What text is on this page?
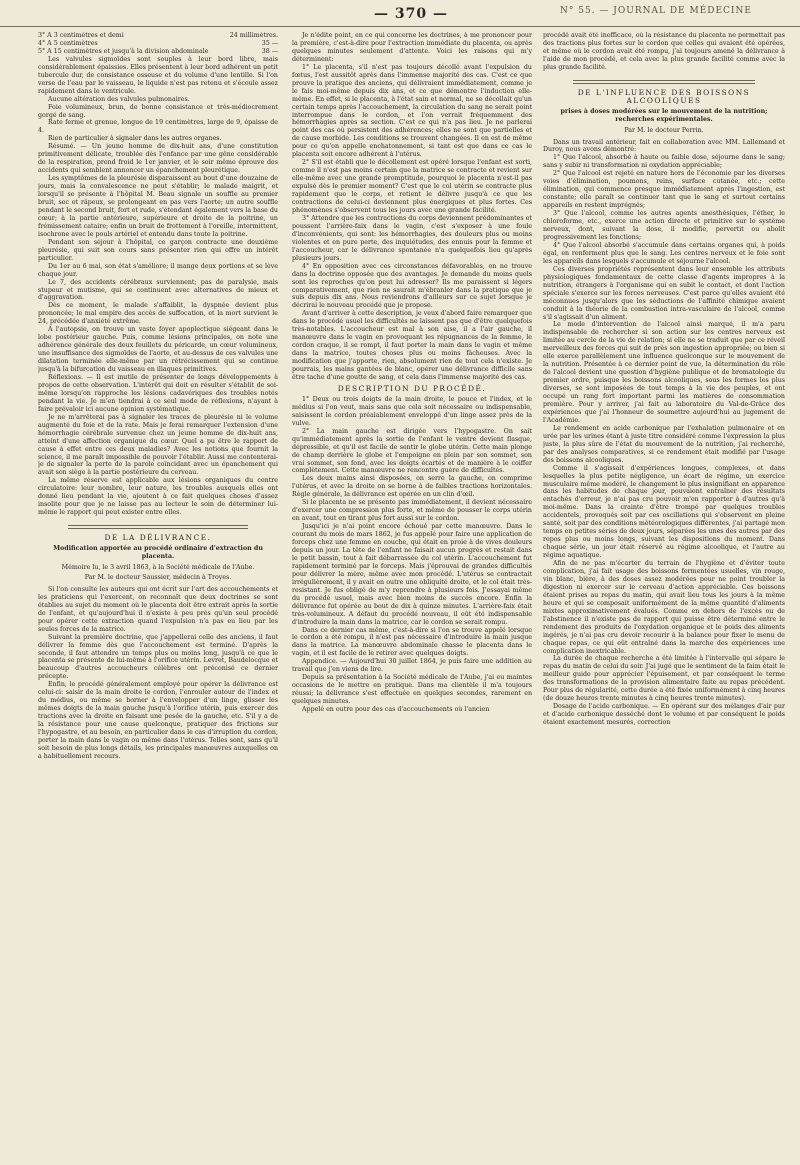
— 370 —	N° 55. — JOURNAL DE MÉDECINE

3° A 3 centimètres et demi	24 millimètres.

4° A 5 centimètres	35 —

5° A 15 centimètres et jusqu'à la division abdominale	38 —

Les valvules sigmoïdes sont souples à leur bord libre, mais considérablement épaissies. Elles présentent à leur bord adhérent un petit tubercule dur, de consistance osseuse et du volume d'une lentille. Si l'on verse de l'eau par le vaisseau, le liquide n'est pas retenu et s'écoule assez rapidement dans le ventricule.

Aucune altération des valvules pulmonaires.

Foie volumineux, brun, de bonne consistance et très-médiocrement gorgé de sang.

Rate ferme et grenue, longue de 19 centimètres, large de 9, épaisse de 4.

Rien de particulier à signaler dans les autres organes.

Résumé. — Un jeune homme de dix-huit ans, d'une constitution primitivement délicate, troublée dès l'enfance par une gêne considérable de la respiration, prend froid le 1er janvier, et le soir même éprouve des accidents qui semblent annoncer un épanchement pleurétique.

Les symptômes de la pleurésie disparaissent au bout d'une douzaine de jours, mais la convalescence ne peut s'établir; le malade maigrit, et lorsqu'il se présente à l'hôpital M. Beau signale un souffle au premier bruit, sec et râpeux, se prolongeant en pas vers l'aorte; un autre souffle pendant le second bruit, fort et rude, s'étendant également vers la base du cœur; à la partie antérieure, supérieure et droite de la poitrine, un frémissement cataire; enfin un bruit de frottement à l'oreille, intermittent, isochrone avec le pouls artériel et entendu dans toute la poitrine.

Pendant son séjour à l'hôpital, ce garçon contracte une deuxième pleurésie, qui suit son cours sans présenter rien qui offre un intérêt particulier.

Du 1er au 6 mai, son état s'améliore; il mange deux portions et se lève chaque jour.

Le 7, des accidents cérébraux surviennent; pas de paralysie, mais stupeur et mutisme, qui se continuent avec alternatives de mieux et d'aggravation.

Dès ce moment, le malade s'affaiblit, la dyspnée devient plus prononcée; le mal empire des accès de suffocation, et la mort survient le 24, précédée d'anxiété extrême.

A l'autopsie, on trouve un vaste foyer apoplectique siégeant dans le lobe postérieur gauche. Puis, comme lésions principales, on note une adhérence générale des deux feuillets du péricarde, un cœur volumineux, une insuffisance des sigmoïdes de l'aorte, et au-dessus de ces valvules une dilatation terminée elle-même par un rétrécissement qui se continue jusqu'à la bifurcation du vaisseau en iliaques primitives.

Réflexions. — Il est inutile de présenter de longs développements à propos de cette observation. L'intérêt qui doit en résulter s'établit de soi-même lorsqu'on rapproche les lésions cadavériques des troubles notés pendant la vie. Je m'en tiendrai à ce seul mode de réflexions, n'ayant à faire prévaloir ici aucune opinion systématique.

Je ne m'arrêterai pas à signaler les traces de pleurésie ni le volume augmenté du foie et de la rate. Mais je ferai remarquer l'extension d'une hémorrhagie cérébrale survenue chez un jeune homme de dix-huit ans, atteint d'une affection organique du cœur. Quel a pu être le rapport de cause à effet entre ces deux maladies? Avec les notions que fournit la science, il me paraît impossible de pouvoir l'établir. Aussi me contenterai-je de signaler la perte de la parole coïncidant avec un épanchement qui avait son siège à la partie postérieure du cerveau.

La même réserve est applicable aux lésions organiques du centre circulatoire: leur nombre, leur nature, les troubles auxquels elles ont donné lieu pendant la vie, ajoutent à ce fait quelques choses d'assez insolite pour que je ne laisse pas au lecteur le soin de déterminer lui-même le rapport qui peut exister entre elles.

DE LA DÉLIVRANCE.
Modification apportée au procédé ordinaire d'extraction du placenta.

Mémoire lu, le 3 avril 1863, à la Société médicale de l'Aube.

Par M. le docteur Saussier, médecin à Troyes.

Si l'on consulte les auteurs qui ont écrit sur l'art des accouchements et les praticiens qui l'exercent, on reconnaît que deux doctrines se sont établies au sujet du moment où le placenta doit être extrait après la sortie de l'enfant, et qu'aujourd'hui il n'existe à peu près qu'un seul procédé pour opérer cette extraction quand l'expulsion n'a pas eu lieu par les seules forces de la matrice.

Suivant la première doctrine, que j'appellerai celle des anciens, il faut délivrer la femme dès que l'accouchement est terminé. D'après la seconde, il faut attendre un temps plus ou moins long, jusqu'à ce que le placenta se présente de lui-même à l'orifice utérin. Levret, Baudelocque et beaucoup d'autres accoucheurs célèbres ont préconisé ce dernier précepte.

Enfin, le procédé généralement employé pour opérer la délivrance est celui-ci: saisir de la main droite le cordon, l'enrouler autour de l'index et du médius, ou même se borner à l'envelopper d'un linge, glisser les mêmes doigts de la main gauche jusqu'à l'orifice utérin, puis exercer des tractions avec la droite en faisant une pesée de la gauche, etc. S'il y a de la résistance pour une cause quelconque, pratiquer des frictions sur l'hypogastre, et au besoin, en particulier dans le cas d'irruption du cordon, porter la main dans le vagin ou même dans l'utérus. Telles sont, sans qu'il soit besoin de plus longs détails, les principales manœuvres auxquelles on a habituellement recours.

Je n'édite point, en ce qui concerne les doctrines, à me prononcer pour la première, c'est-à-dire pour l'extraction immédiate du placenta, ou après quelques minutes seulement d'attente. Voici les raisons qui m'y déterminent:

1° Le placenta, s'il n'est pas toujours décollé avant l'expulsion du fœtus, l'est aussitôt après dans l'immense majorité des cas. C'est ce que prouve la pratique des anciens, qui délivraient immédiatement, comme je le fais moi-même depuis dix ans, et ce que démontre l'induction elle-même. En effet, si le placenta, à l'état sain et normal, ne se décollait qu'un certain temps après l'accouchement, la circulation du sang ne serait point interrompue dans le cordon, et l'on verrait fréquemment des hémorrhagies après sa section. C'est ce qui n'a pas lieu. Je ne parlerai point des cas où persistent des adhérences; elles ne sont que partielles et de cause morbide. Les conditions se trouvent changées. Il en est de même pour ce qu'on appelle enchatonnement, si tant est que dans ce cas le placenta soit encore adhérent à l'utérus.

2° S'il est établi que le décollement est opéré lorsque l'enfant est sorti, comme il n'est pas moins certain que la matrice se contracte et revient sur elle-même avec une grande promptitude, pourquoi le placenta n'est-il pas expulsé dès le premier moment? C'est que le col utérin se contracte plus rapidement que le corps, et retient le délivre jusqu'à ce que les contractions de celui-ci deviennent plus énergiques et plus fortes. Ces phénomènes s'observent tous les jours avec une grande facilité.

3° Attendre que les contractions du corps deviennent prédominantes et poussent l'arrière-faix dans le vagin, c'est s'exposer à une foule d'inconvénients, qui sont: les hémorrhagies, des douleurs plus ou moins violentes et en pure perte, des inquiétudes, des ennuis pour la femme et l'accoucheur, car le délivrance spontanée n'a quelquefois lieu qu'après plusieurs jours.

4° En opposition avec ces circonstances défavorables, on ne trouve dans la doctrine opposée que des avantages. Je demande du moins quels sont les reproches qu'on peut lui adresser? Ils me paraissent si légers comparativement, que rien ne saurait m'ébranler dans la pratique que je suis depuis dix ans. Nous reviendrons d'ailleurs sur ce sujet lorsque je décrirai le nouveau procédé que je propose.

Avant d'arriver à cette description, je veux d'abord faire remarquer que dans le procédé usuel les difficultés ne laissent pas que d'être quelquefois très-notables. L'accoucheur est mal à son aise, il a l'air gauche, il manœuvre dans le vagin en provoquant les répugnances de la femme, le cordon craque, il se rompt, il faut porter la main dans le vagin et même dans la matrice, toutes choses plus ou moins fâcheuses. Avec la modification que j'apporte, rien, absolument rien de tout cela n'existe. Je pourrais, les mains gantées de blanc, opérer une délivrance difficile sans être tache d'une goutte de sang, et cela dans l'immense majorité des cas.

DESCRIPTION DU PROCÉDÉ.

1° Deux ou trois doigts de la main droite, le pouce et l'index, et le médius si l'on veut, mais sans que cela soit nécessaire ou indispensable, saisissent le cordon préalablement enveloppé d'un linge assez près de la vulve.

2° La main gauche est dirigée vers l'hypogastre. On sait qu'immédiatement après la sortie de l'enfant le ventre devient flasque, dépressible, et qu'il est facile de sentir le globe utérin. Cette main plonge de champ derrière le globe et l'empoigne en plein par son sommet, son vrai sommet, son fond, avec les doigts écartés et de manière à le coiffer complètement. Cette manœuvre ne rencontre guère de difficultés.

Les deux mains ainsi disposées, on serre la gauche, on comprime l'utérus, et avec la droite on se borne à de faibles tractions horizontales. Règle générale, la délivrance est opérée en un clin d'œil.

Si le placenta ne se présente pas immédiatement, il devient nécessaire d'exercer une compression plus forte, et même de pousser le corps utérin en avant, tout en tirant plus fort aussi sur le cordon.

Jusqu'ici je n'ai point encore échoué par cette manœuvre. Dans le courant du mois de mars 1862, je fus appelé pour faire une application de forceps chez une femme en couche, qui était en proie à de vives douleurs depuis un jour. La tête de l'enfant ne faisait aucun progrès et restait dans le petit bassin, tout à fait débarrassée du col utérin. L'accouchement fut rapidement terminé par le forceps. Mais j'éprouvai de grandes difficultés pour délivrer la mère, même avec mon procédé. L'utérus se contractait irrégulièrement, il y avait en outre une obliquité droite, et le col était très-resistant. Je fus obligé de m'y reprendre à plusieurs fois. J'essayai même du procédé usuel, mais avec bien moins de succès encore. Enfin la délivrance fut opérée au bout de dix à quinze minutes. L'arrière-faix était très-volumineux. A défaut du procédé nouveau, il eût été indispensable d'introduire la main dans la matrice, car le cordon se serait rompu.

Dans ce dernier cas même, c'est-à-dire si l'on se trouve appelé lorsque le cordon a été rompu, il n'est pas nécessaire d'introduire la main jusque dans la matrice. La manœuvre abdominale chasse le placenta dans le vagin, et il est facile de le retirer avec quelques doigts.

Appendice. — Aujourd'hui 30 juillet 1864, je puis faire une addition au travail que j'en viens de lire.

Depuis sa présentation à la Société médicale de l'Aube, j'ai eu maintes occasions de le mettre en pratique. Dans ma clientèle il m'a toujours réussi; la délivrance s'est effectuée en quelques secondes, rarement en quelques minutes.

Appelé en outre pour des cas d'accouchements où l'ancien

procédé avait été inefficace, où la résistance du placenta ne permettait pas des tractions plus fortes sur le cordon que celles qui avaient été opérées, et même où le cordon avait été rompu, j'ai toujours amené la délivrance à l'aide de mon procédé, et cela avec la plus grande facilité comme avec la plus grande facilité.

DE L'INFLUENCE DES BOISSONS ALCOOLIQUES
prises à doses modérées sur le mouvement de la nutrition; recherches expérimentales.
Par M. le docteur Perrin.

Dans un travail antérieur, fait en collaboration avec MM. Lallemand et Duroy, nous avons démontré:

1° Que l'alcool, absorbé à haute ou faible dose, séjourne dans le sang; sans y subir ni transformation ni oxydation appréciable;

2° Que l'alcool est rejeté en nature hors de l'économie par les diverses voies d'élimination, poumons, reins, surface cutanée, etc.; cette élimination, qui commence presque immédiatement après l'ingestion, est constante; elle paraît se continuer tant que le sang et surtout certains appareils en restent imprégnés;

3° Que l'alcool, comme les autres agents anesthésiques, l'éther, le chloroforme, etc., exerce une action directe et primitive sur le système nerveux, dont, suivant la dose, il modifie, pervertit ou abolit progressivement les fonctions;

4° Que l'alcool absorbé s'accumule dans certains organes qui, à poids égal, en renferment plus que le sang. Les centres nerveux et le foie sont les appareils dans lesquels s'accumule et séjourne l'alcool.

Ces diverses propriétés représentent dans leur ensemble les attributs physiologiques fondamentaux de cette classe d'agents impropres à la nutrition, étrangers à l'organisme qui en subit le contact, et dont l'action spéciale s'exerce sur les forces nerveuses. C'est parce qu'elles avaient été méconnues jusqu'alors que les séductions de l'affinité chimique avaient conduit à la théorie de la combustion intra-vasculaire de l'alcool, comme s'il s'agissait d'un aliment.

Le mode d'intervention de l'alcool ainsi marqué, il m'a paru indispensable de rechercher si son action sur les centres nerveux est limitée au cercle de la vie de relation; si elle ne se traduit que par ce réveil merveilleux des forces qui suit de près son ingestion appropriée; ou bien si elle exerce parallèlement une influence quelconque sur le mouvement de la nutrition. Présentée à ce dernier point de vue, la détermination du rôle de l'alcool devient une question d'hygiène publique et de bromatologie du premier ordre, puisque les boissons alcooliques, sous les formes les plus diverses, se sont imposées de tout temps à la vie des peuples, et ont occupé un rang fort important parmi les matières de consommation première. Pour y arriver, j'ai fait au laboratoire du Val-de-Grâce des expériences que j'ai l'honneur de soumettre aujourd'hui au jugement de l'Académie.

Le rendement en acide carbonique par l'exhalation pulmonaire et en urée par les urines étant à juste titre considéré comme l'expression la plus juste, la plus sûre de l'état du mouvement de la nutrition, j'ai recherché, par des analyses comparatives, si ce rendement était modifié par l'usage des boissons alcooliques.

Comme il s'agissait d'expériences longues, complexes, et dans lesquelles la plus petite négligence, un écart de régime, un exercice musculaire même modéré, le changement le plus insignifiant en apparence dans les habitudes de chaque jour, pouvaient entraîner des résultats entachés d'erreur, je n'ai pas cru pouvoir m'en rapporter à d'autres qu'à moi-même. Dans la crainte d'être trompé par quelques troubles accidentels, provoqués soit par ces oscillations qui s'observent en pleine santé, soit par des conditions météorologiques différentes, j'ai partagé mon temps en petites séries de deux jours, séparées les unes des autres par des repos plus ou moins longs, suivant les dispositions du moment. Dans chaque série, un jour était réservé au régime alcoolique, et l'autre au régime aquatique.

Afin de ne pas m'écarter du terrain de l'hygiène et d'éviter toute complication, j'ai fait usage des boissons fermentées usuelles, vin rouge, vin blanc, bière, à des doses assez modérées pour ne point troubler la digestion ni exercer sur le cerveau d'action appréciable. Ces boissons étaient prises au repas du matin, qui avait lieu tous les jours à la même heure et qui se composait uniformément de la même quantité d'aliments mixtes approximativement évalués. Comme en dehors de l'excès ou de l'abstinence il n'existe pas de rapport qui puisse être déterminé entre le rendement des produits de l'oxydation organique et le poids des aliments ingérés, je n'ai pas cru devoir recourir à la balance pour fixer le menu de chaque repas, ce qui eût entraîné dans la marche des expériences une complication inextricable.

La durée de chaque recherche a été limitée à l'intervalle qui sépare le repas du matin de celui du soir. J'ai jugé que le sentiment de la faim était le meilleur guide pour apprécier l'épuisement, et par conséquent le terme des transformations de la provision alimentaire faite au repas précédent. Pour plus de régularité, cette durée a été fixée uniformément à cinq heures (de douze heures trente minutes à cinq heures trente minutes).

Dosage de l'acide carbonique. — En opérant sur des mélanges d'air pur et d'acide carbonique desséché dont le volume et par conséquent le poids étaient exactement mesurés, correction
